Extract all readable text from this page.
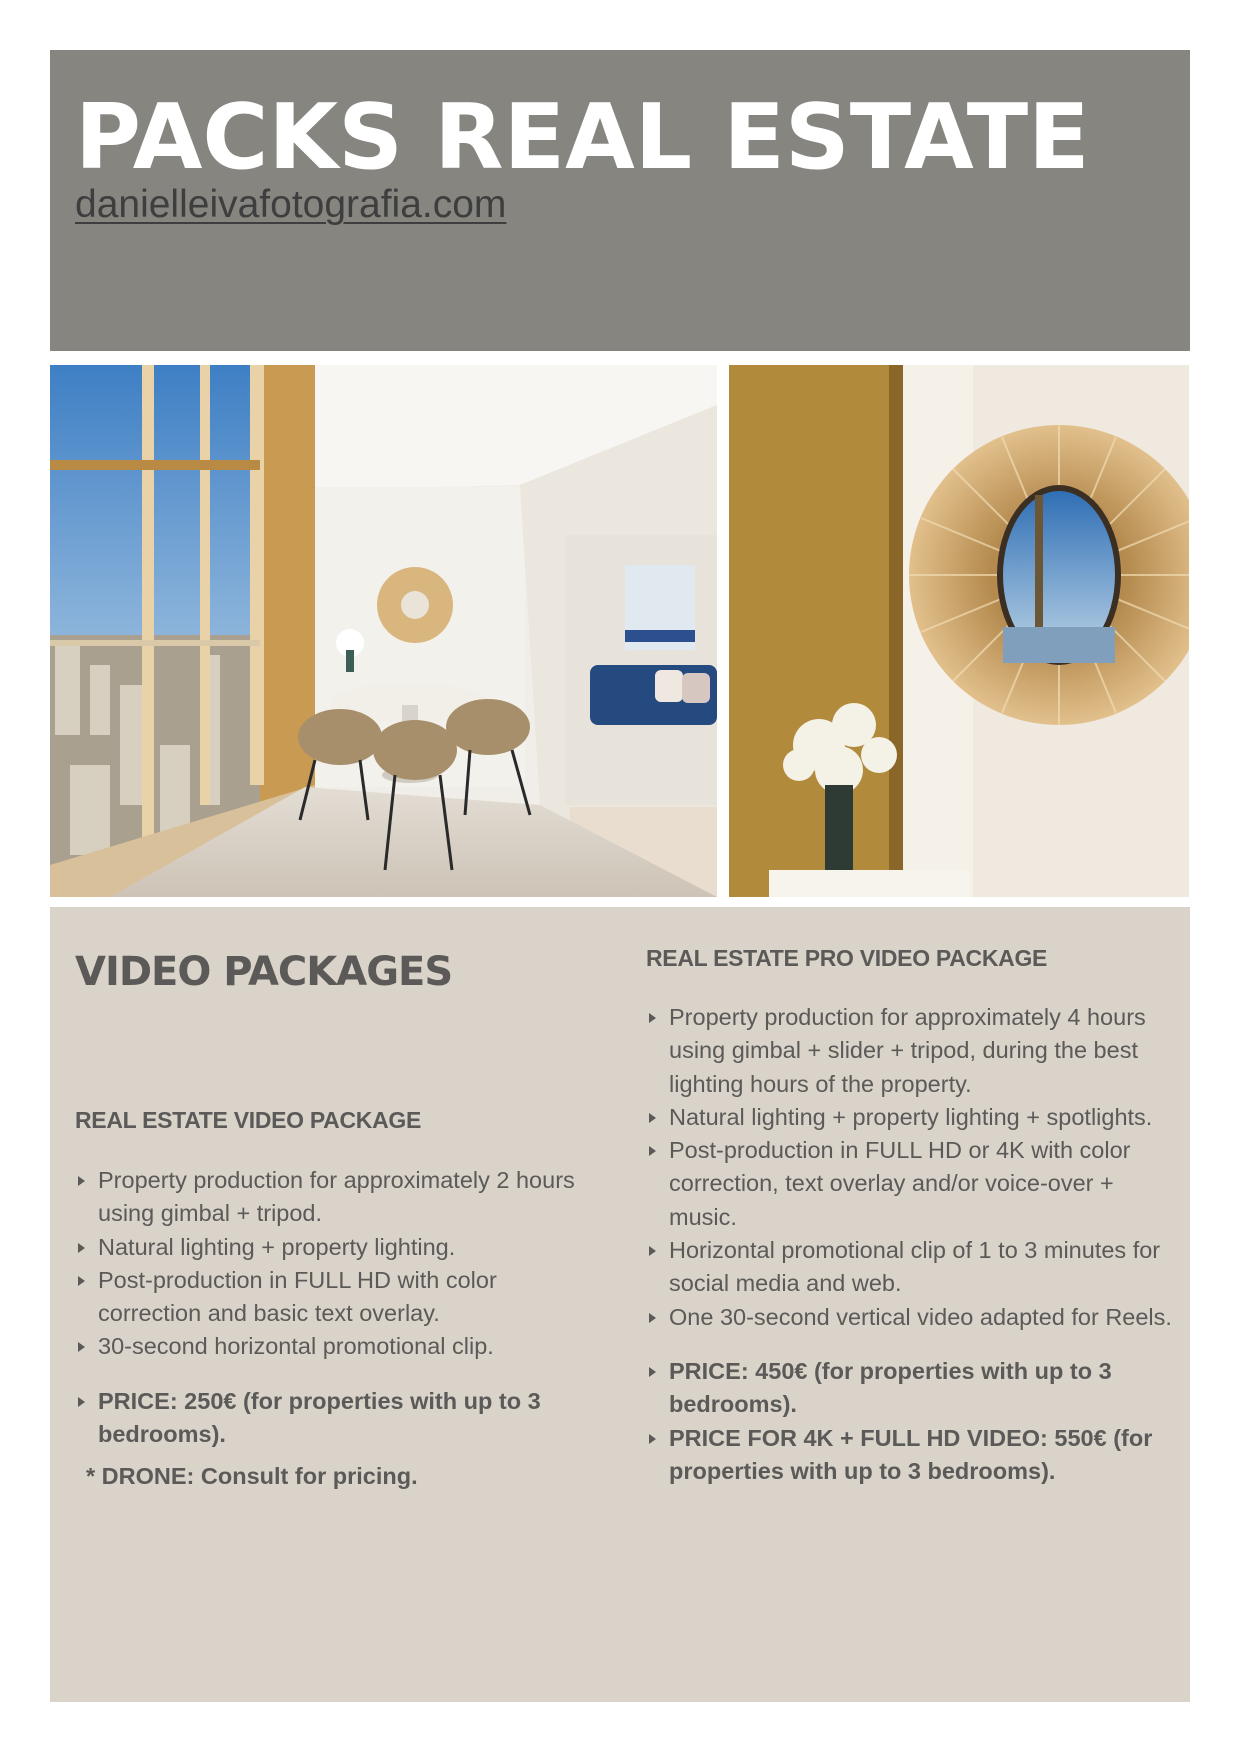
PACKS REAL ESTATE
danielleivafotografia.com
VIDEO PACKAGES
REAL ESTATE VIDEO PACKAGE
Property production for approximately 2 hours using gimbal + tripod.
Natural lighting + property lighting.
Post-production in FULL HD with color correction and basic text overlay.
30-second horizontal promotional clip.
PRICE: 250€ (for properties with up to 3 bedrooms).
* DRONE: Consult for pricing.
REAL ESTATE PRO VIDEO PACKAGE
Property production for approximately 4 hours using gimbal + slider + tripod, during the best lighting hours of the property.
Natural lighting + property lighting + spotlights.
Post-production in FULL HD or 4K with color correction, text overlay and/or voice-over + music.
Horizontal promotional clip of 1 to 3 minutes for social media and web.
One 30-second vertical video adapted for Reels.
PRICE: 450€ (for properties with up to 3 bedrooms).
PRICE FOR 4K + FULL HD VIDEO: 550€ (for properties with up to 3 bedrooms).
